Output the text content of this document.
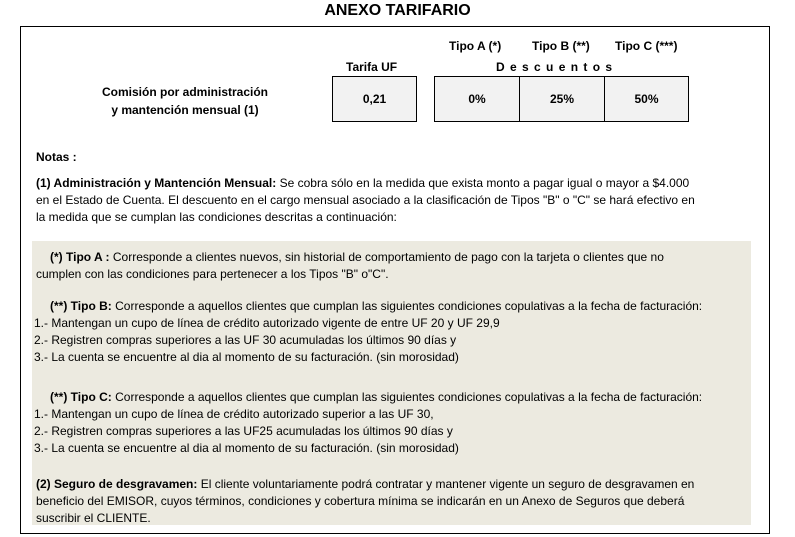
ANEXO TARIFARIO
Tipo A (*)	Tipo B (**) Tipo C (***)
Tarifa UF	D e s c u e n t o s
Comisión por administración
y mantención mensual (1)
0,21	0%	25%	50%
Notas :
(1) Administración y Mantención Mensual: Se cobra sólo en la medida que exista monto a pagar igual o mayor a $4.000
en el Estado de Cuenta. El descuento en el cargo mensual asociado a la clasificación de Tipos "B" o "C" se hará efectivo en
la medida que se cumplan las condiciones descritas a continuación:
(*) Tipo A : Corresponde a clientes nuevos, sin historial de comportamiento de pago con la tarjeta o clientes que no
cumplen con las condiciones para pertenecer a los Tipos "B" o"C".
(**) Tipo B: Corresponde a aquellos clientes que cumplan las siguientes condiciones copulativas a la fecha de facturación:
1.- Mantengan un cupo de línea de crédito autorizado vigente de entre UF 20 y UF 29,9
2.- Registren compras superiores a las UF 30 acumuladas los últimos 90 días y
3.- La cuenta se encuentre al dia al momento de su facturación. (sin morosidad)
(**) Tipo C: Corresponde a aquellos clientes que cumplan las siguientes condiciones copulativas a la fecha de facturación:
1.- Mantengan un cupo de línea de crédito autorizado superior a las UF 30,
2.- Registren compras superiores a las UF25 acumuladas los últimos 90 días y
3.- La cuenta se encuentre al dia al momento de su facturación. (sin morosidad)
(2) Seguro de desgravamen: El cliente voluntariamente podrá contratar y mantener vigente un seguro de desgravamen en
beneficio del EMISOR, cuyos términos, condiciones y cobertura mínima se indicarán en un Anexo de Seguros que deberá
suscribir el CLIENTE.
